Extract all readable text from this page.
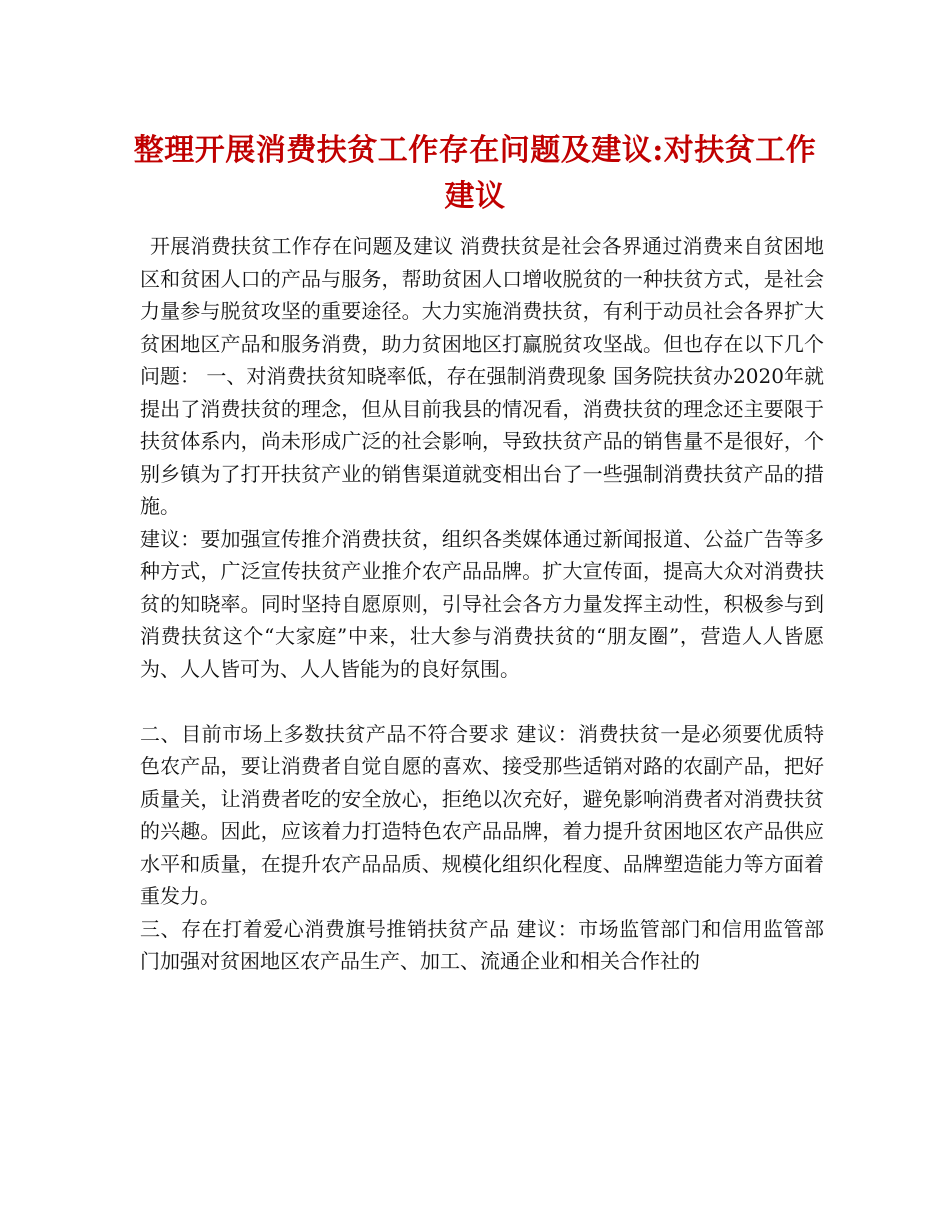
整理开展消费扶贫工作存在问题及建议:对扶贫工作建议

开展消费扶贫工作存在问题及建议 消费扶贫是社会各界通过消费来自贫困地区和贫困人口的产品与服务，帮助贫困人口增收脱贫的一种扶贫方式，是社会力量参与脱贫攻坚的重要途径。大力实施消费扶贫，有利于动员社会各界扩大贫困地区产品和服务消费，助力贫困地区打赢脱贫攻坚战。但也存在以下几个问题： 一、对消费扶贫知晓率低，存在强制消费现象 国务院扶贫办2020年就提出了消费扶贫的理念，但从目前我县的情况看，消费扶贫的理念还主要限于扶贫体系内，尚未形成广泛的社会影响，导致扶贫产品的销售量不是很好，个别乡镇为了打开扶贫产业的销售渠道就变相出台了一些强制消费扶贫产品的措施。

建议：要加强宣传推介消费扶贫，组织各类媒体通过新闻报道、公益广告等多种方式，广泛宣传扶贫产业推介农产品品牌。扩大宣传面，提高大众对消费扶贫的知晓率。同时坚持自愿原则，引导社会各方力量发挥主动性，积极参与到消费扶贫这个“大家庭”中来，壮大参与消费扶贫的“朋友圈”，营造人人皆愿为、人人皆可为、人人皆能为的良好氛围。

二、目前市场上多数扶贫产品不符合要求 建议：消费扶贫一是必须要优质特色农产品，要让消费者自觉自愿的喜欢、接受那些适销对路的农副产品，把好质量关，让消费者吃的安全放心，拒绝以次充好，避免影响消费者对消费扶贫的兴趣。因此，应该着力打造特色农产品品牌，着力提升贫困地区农产品供应水平和质量，在提升农产品品质、规模化组织化程度、品牌塑造能力等方面着重发力。

三、存在打着爱心消费旗号推销扶贫产品 建议：市场监管部门和信用监管部门加强对贫困地区农产品生产、加工、流通企业和相关合作社的
